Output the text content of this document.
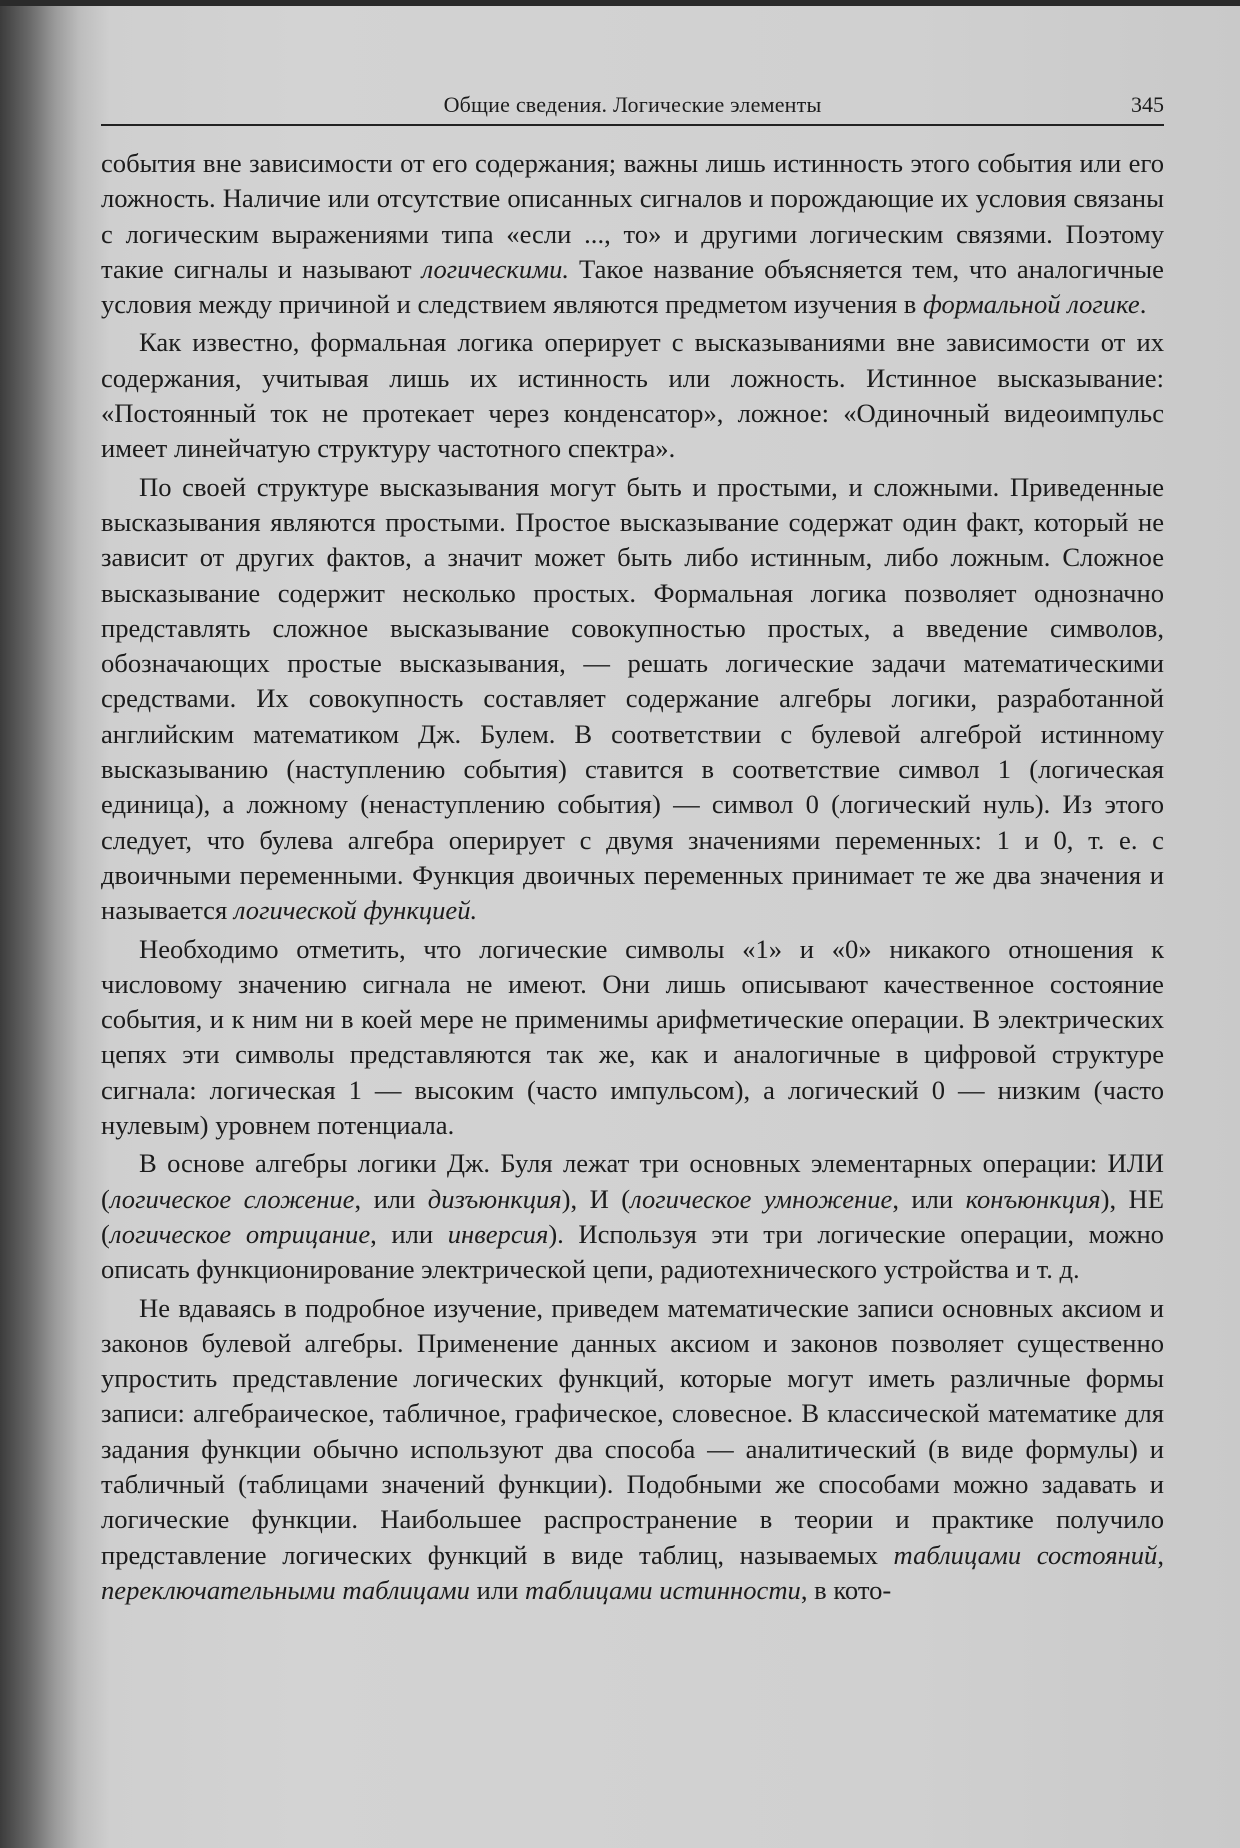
Общие сведения. Логические элементы	345

события вне зависимости от его содержания; важны лишь истинность этого события или его ложность. Наличие или отсутствие описанных сигналов и порождающие их условия связаны с логическим выражениями типа «если ..., то» и другими логическим связями. Поэтому такие сигналы и называют логическими. Такое название объясняется тем, что аналогичные условия между причиной и следствием являются предметом изучения в формальной логике.

Как известно, формальная логика оперирует с высказываниями вне зависимости от их содержания, учитывая лишь их истинность или ложность. Истинное высказывание: «Постоянный ток не протекает через конденсатор», ложное: «Одиночный видеоимпульс имеет линейчатую структуру частотного спектра».

По своей структуре высказывания могут быть и простыми, и сложными. Приведенные высказывания являются простыми. Простое высказывание содержат один факт, который не зависит от других фактов, а значит может быть либо истинным, либо ложным. Сложное высказывание содержит несколько простых. Формальная логика позволяет однозначно представлять сложное высказывание совокупностью простых, а введение символов, обозначающих простые высказывания, — решать логические задачи математическими средствами. Их совокупность составляет содержание алгебры логики, разработанной английским математиком Дж. Булем. В соответствии с булевой алгеброй истинному высказыванию (наступлению события) ставится в соответствие символ 1 (логическая единица), а ложному (ненаступлению события) — символ 0 (логический нуль). Из этого следует, что булева алгебра оперирует с двумя значениями переменных: 1 и 0, т. е. с двоичными переменными. Функция двоичных переменных принимает те же два значения и называется логической функцией.

Необходимо отметить, что логические символы «1» и «0» никакого отношения к числовому значению сигнала не имеют. Они лишь описывают качественное состояние события, и к ним ни в коей мере не применимы арифметические операции. В электрических цепях эти символы представляются так же, как и аналогичные в цифровой структуре сигнала: логическая 1 — высоким (часто импульсом), а логический 0 — низким (часто нулевым) уровнем потенциала.

В основе алгебры логики Дж. Буля лежат три основных элементарных операции: ИЛИ (логическое сложение, или дизъюнкция), И (логическое умножение, или конъюнкция), НЕ (логическое отрицание, или инверсия). Используя эти три логические операции, можно описать функционирование электрической цепи, радиотехнического устройства и т. д.

Не вдаваясь в подробное изучение, приведем математические записи основных аксиом и законов булевой алгебры. Применение данных аксиом и законов позволяет существенно упростить представление логических функций, которые могут иметь различные формы записи: алгебраическое, табличное, графическое, словесное. В классической математике для задания функции обычно используют два способа — аналитический (в виде формулы) и табличный (таблицами значений функции). Подобными же способами можно задавать и логические функции. Наибольшее распространение в теории и практике получило представление логических функций в виде таблиц, называемых таблицами состояний, переключательными таблицами или таблицами истинности, в кото-
